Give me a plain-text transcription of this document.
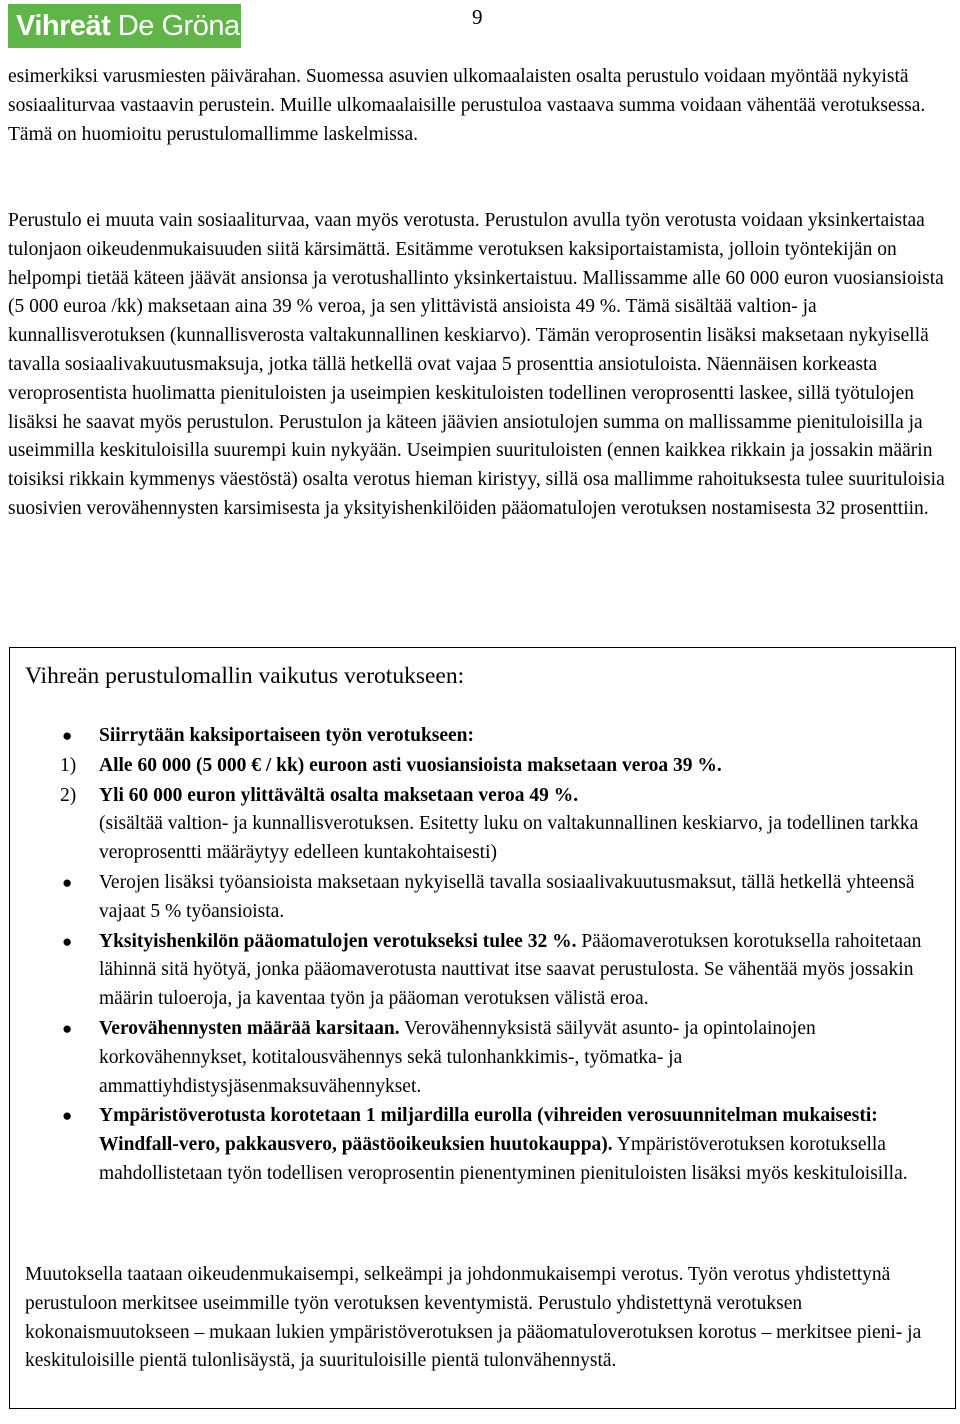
Vihreät De Gröna	9

esimerkiksi varusmiesten päivärahan. Suomessa asuvien ulkomaalaisten osalta perustulo voidaan myöntää nykyistä sosiaaliturvaa vastaavin perustein. Muille ulkomaalaisille perustuloa vastaava summa voidaan vähentää verotuksessa. Tämä on huomioitu perustulomallimme laskelmissa.

Perustulo ei muuta vain sosiaaliturvaa, vaan myös verotusta. Perustulon avulla työn verotusta voidaan yksinkertaistaa tulonjaon oikeudenmukaisuuden siitä kärsimättä. Esitämme verotuksen kaksiportaistamista, jolloin työntekijän on helpompi tietää käteen jäävät ansionsa ja verotushallinto yksinkertaistuu. Mallissamme alle 60 000 euron vuosiansioista (5 000 euroa /kk) maksetaan aina 39 % veroa, ja sen ylittävistä ansioista 49 %. Tämä sisältää valtion- ja kunnallisverotuksen (kunnallisverosta valtakunnallinen keskiarvo). Tämän veroprosentin lisäksi maksetaan nykyisellä tavalla sosiaalivakuutusmaksuja, jotka tällä hetkellä ovat vajaa 5 prosenttia ansiotuloista. Näennäisen korkeasta veroprosentista huolimatta pienituloisten ja useimpien keskituloisten todellinen veroprosentti laskee, sillä työtulojen lisäksi he saavat myös perustulon. Perustulon ja käteen jäävien ansiotulojen summa on mallissamme pienituloisilla ja useimmilla keskituloisilla suurempi kuin nykyään. Useimpien suurituloisten (ennen kaikkea rikkain ja jossakin määrin toisiksi rikkain kymmenys väestöstä) osalta verotus hieman kiristyy, sillä osa mallimme rahoituksesta tulee suurituloisia suosivien verovähennysten karsimisesta ja yksityishenkilöiden pääomatulojen verotuksen nostamisesta 32 prosenttiin.

Vihreän perustulomallin vaikutus verotukseen:
● Siirrytään kaksiportaiseen työn verotukseen:
1) Alle 60 000 (5 000 € / kk) euroon asti vuosiansioista maksetaan veroa 39 %.
2) Yli 60 000 euron ylittävältä osalta maksetaan veroa 49 %.
(sisältää valtion- ja kunnallisverotuksen. Esitetty luku on valtakunnallinen keskiarvo, ja todellinen tarkka veroprosentti määräytyy edelleen kuntakohtaisesti)
● Verojen lisäksi työansioista maksetaan nykyisellä tavalla sosiaalivakuutusmaksut, tällä hetkellä yhteensä vajaat 5 % työansioista.
● Yksityishenkilön pääomatulojen verotukseksi tulee 32 %. Pääomaverotuksen korotuksella rahoitetaan lähinnä sitä hyötyä, jonka pääomaverotusta nauttivat itse saavat perustulosta. Se vähentää myös jossakin määrin tuloeroja, ja kaventaa työn ja pääoman verotuksen välistä eroa.
● Verovähennysten määrää karsitaan. Verovähennyksistä säilyvät asunto- ja opintolainojen korkovähennykset, kotitalousvähennys sekä tulonhankkimis-, työmatka- ja ammattiyhdistysjäsenmaksuvähennykset.
● Ympäristöverotusta korotetaan 1 miljardilla eurolla (vihreiden verosuunnitelman mukaisesti: Windfall-vero, pakkausvero, päästöoikeuksien huutokauppa). Ympäristöverotuksen korotuksella mahdollistetaan työn todellisen veroprosentin pienentyminen pienituloisten lisäksi myös keskituloisilla.

Muutoksella taataan oikeudenmukaisempi, selkeämpi ja johdonmukaisempi verotus. Työn verotus yhdistettynä perustuloon merkitsee useimmille työn verotuksen keventymistä. Perustulo yhdistettynä verotuksen kokonaismuutokseen – mukaan lukien ympäristöverotuksen ja pääomatuloverotuksen korotus – merkitsee pieni- ja keskituloisille pientä tulonlisäystä, ja suurituloisille pientä tulonvähennystä.
